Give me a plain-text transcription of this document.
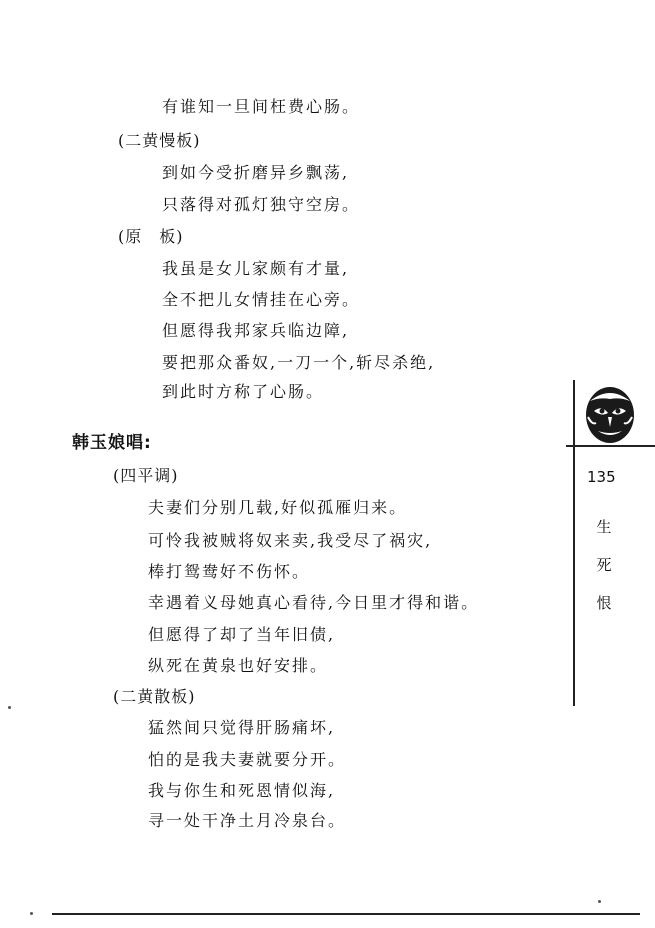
有谁知一旦间枉费心肠。
(二黄慢板)
到如今受折磨异乡飘荡,
只落得对孤灯独守空房。
(原　板)
我虽是女儿家颇有才量,
全不把儿女情挂在心旁。
但愿得我邦家兵临边障,
要把那众番奴,一刀一个,斩尽杀绝,
到此时方称了心肠。
韩玉娘唱:
(四平调)
夫妻们分别几载,好似孤雁归来。
可怜我被贼将奴来卖,我受尽了祸灾,
棒打鸳鸯好不伤怀。
幸遇着义母她真心看待,今日里才得和谐。
但愿得了却了当年旧债,
纵死在黄泉也好安排。
(二黄散板)
猛然间只觉得肝肠痛坏,
怕的是我夫妻就要分开。
我与你生和死恩情似海,
寻一处干净土月冷泉台。
135
生
死
恨
